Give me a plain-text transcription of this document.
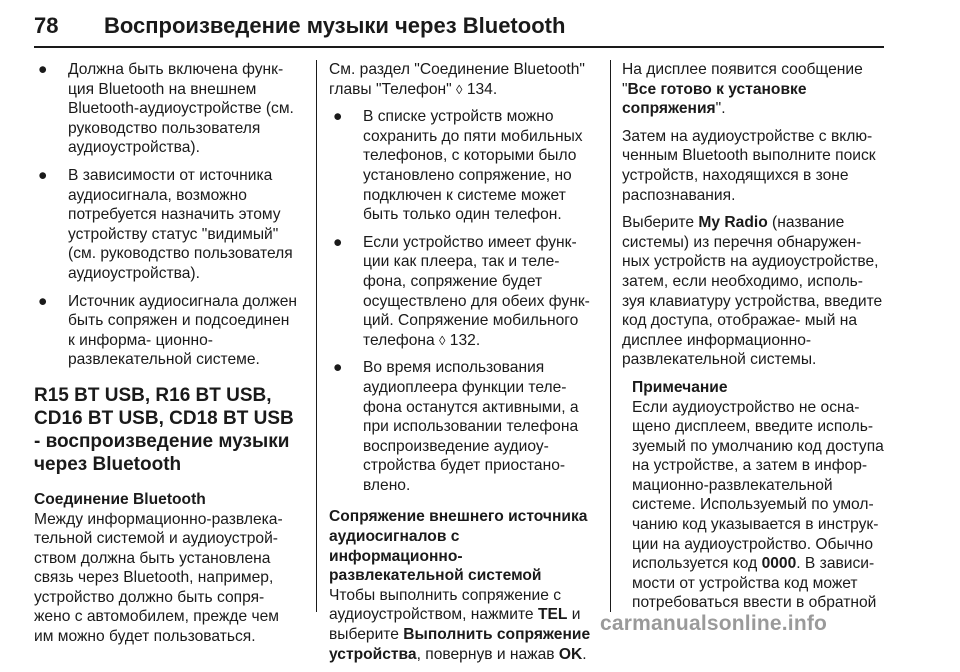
78	Воспроизведение музыки через Bluetooth
●	Должна быть включена функ- ция Bluetooth на внешнем Bluetooth-аудиоустройстве (см. руководство пользователя аудиоустройства).
●	В зависимости от источника аудиосигнала, возможно потребуется назначить этому устройству статус "видимый" (см. руководство пользователя аудиоустройства).
●	Источник аудиосигнала должен быть сопряжен и подсоединен к информа- ционно-развлекательной системе.
R15 BT USB, R16 BT USB, CD16 BT USB, CD18 BT USB - воспроизведение музыки через Bluetooth

Соединение Bluetooth

Между информационно-развлека- тельной системой и аудиоустрой- ством должна быть установлена связь через Bluetooth, например, устройство должно быть сопря- жено с автомобилем, прежде чем им можно будет пользоваться.

См. раздел "Соединение Bluetooth" главы "Телефон" ◊ 134.

●	В списке устройств можно сохранить до пяти мобильных телефонов, с которыми было установлено сопряжение, но подключен к системе может быть только один телефон.
●	Если устройство имеет функ- ции как плеера, так и теле- фона, сопряжение будет осуществлено для обеих функ- ций. Сопряжение мобильного телефона ◊ 132.
●	Во время использования аудиоплеера функции теле- фона останутся активными, а при использовании телефона воспроизведение аудиоу- стройства будет приостано- влено.

Сопряжение внешнего источника аудиосигналов с информационно- развлекательной системой

Чтобы выполнить сопряжение с аудиоустройством, нажмите TEL и выберите Выполнить сопряжение устройства, повернув и нажав OK.

На дисплее появится сообщение "Все готово к установке сопряжения".

Затем на аудиоустройстве с вклю- ченным Bluetooth выполните поиск устройств, находящихся в зоне распознавания.

Выберите My Radio (название системы) из перечня обнаружен- ных устройств на аудиоустройстве, затем, если необходимо, исполь- зуя клавиатуру устройства, введите код доступа, отображае- мый на дисплее информационно- развлекательной системы.

Примечание

Если аудиоустройство не осна- щено дисплеем, введите исполь- зуемый по умолчанию код доступа на устройстве, а затем в инфор- мационно-развлекательной системе. Используемый по умол- чанию код указывается в инструк- ции на аудиоустройство. Обычно используется код 0000. В зависи- мости от устройства код может потребоваться ввести в обратной

carmanualsonline.info
